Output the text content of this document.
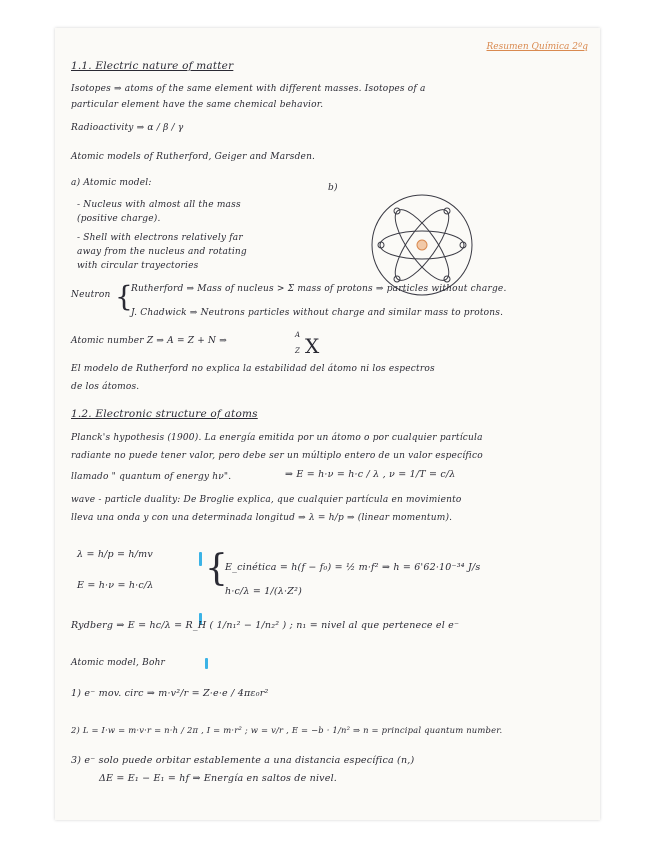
Resumen Química 2ºq
1.1. Electric nature of matter
Isotopes ⇒ atoms of the same element with different masses. Isotopes of a
particular element have the same chemical behavior.
Radioactivity ⇒ α / β / γ
Atomic models of Rutherford, Geiger and Marsden.
a) Atomic model:	b)
- Nucleus with almost all the mass
(positive charge).
- Shell with electrons relatively far
away from the nucleus and rotating
with circular trayectories
Neutron {
Rutherford ⇒ Mass of nucleus > Σ mass of protons ⇒ particles without charge.
J. Chadwick ⇒ Neutrons particles without charge and similar mass to protons.
Atomic number Z ⇒ A = Z + N ⇒
A
Z X
El modelo de Rutherford no explica la estabilidad del átomo ni los espectros
de los átomos.
1.2. Electronic structure of atoms
Planck's hypothesis (1900). La energía emitida por un átomo o por cualquier partícula
radiante no puede tener valor, pero debe ser un múltiplo entero de un valor específico
llamado " quantum of energy hν".	⇒ E = h·ν = h·c / λ , ν = 1/T = c/λ
wave - particle duality: De Broglie explica, que cualquier partícula en movimiento
lleva una onda y con una determinada longitud ⇒ λ = h/p ⇒ (linear momentum).
λ = h/p = h/mv
E = h·ν = h·c/λ {
E_cinética = h(f − f₀) = ½ m·f² ⇒ h = 6'62·10⁻³⁴ J/s
h·c/λ = 1/(λ·Z²)
Rydberg ⇒ E = hc/λ = R_H ( 1/n₁² − 1/n₂² ) ; n₁ = nivel al que pertenece el e⁻
Atomic model, Bohr
1) e⁻ mov. circ ⇒ m·v²/r = Z·e·e / 4πε₀r²
2) L = I·w = m·v·r = n·h / 2π , I = m·r² ; w = v/r , E = −b · 1/n² ⇒ n = principal quantum number.
3) e⁻ solo puede orbitar establemente a una distancia específica (n,)
ΔE = E₁ − E₁ = hf ⇒ Energía en saltos de nivel.
